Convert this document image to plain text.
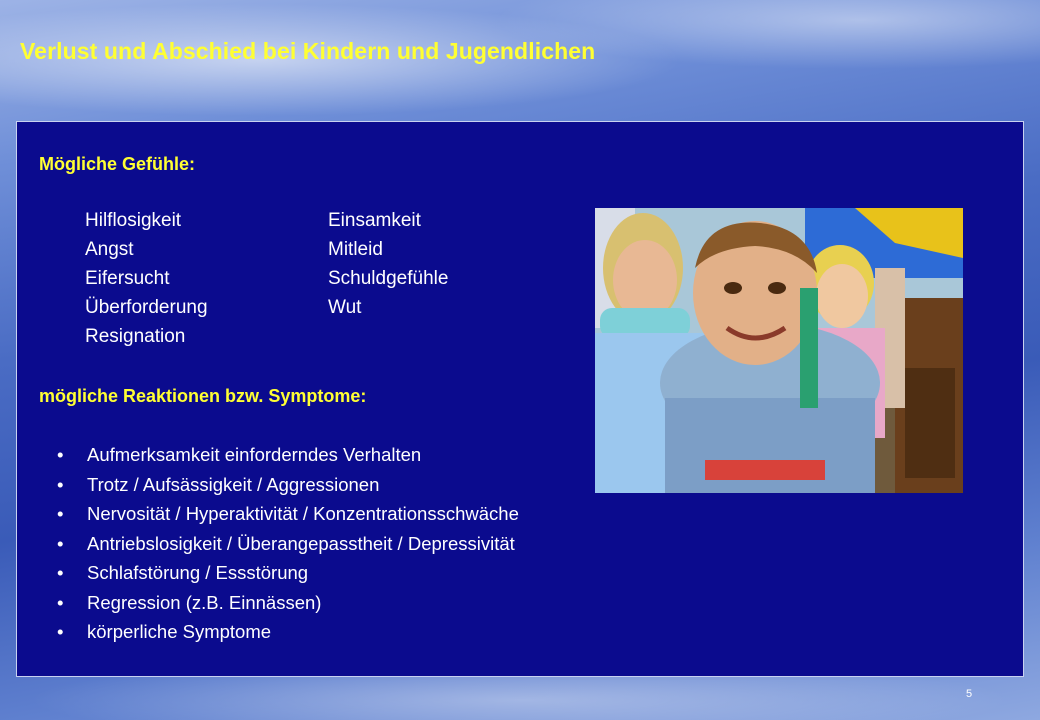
Verlust und Abschied bei Kindern und Jugendlichen
Mögliche Gefühle:
Hilflosigkeit
Angst
Eifersucht
Überforderung
Resignation
Einsamkeit
Mitleid
Schuldgefühle
Wut
mögliche Reaktionen bzw. Symptome:
•	Aufmerksamkeit einforderndes Verhalten
•	Trotz / Aufsässigkeit / Aggressionen
•	Nervosität / Hyperaktivität / Konzentrationsschwäche
•	Antriebslosigkeit / Überangepasstheit / Depressivität
•	Schlafstörung / Essstörung
•	Regression (z.B. Einnässen)
•	körperliche Symptome
5
